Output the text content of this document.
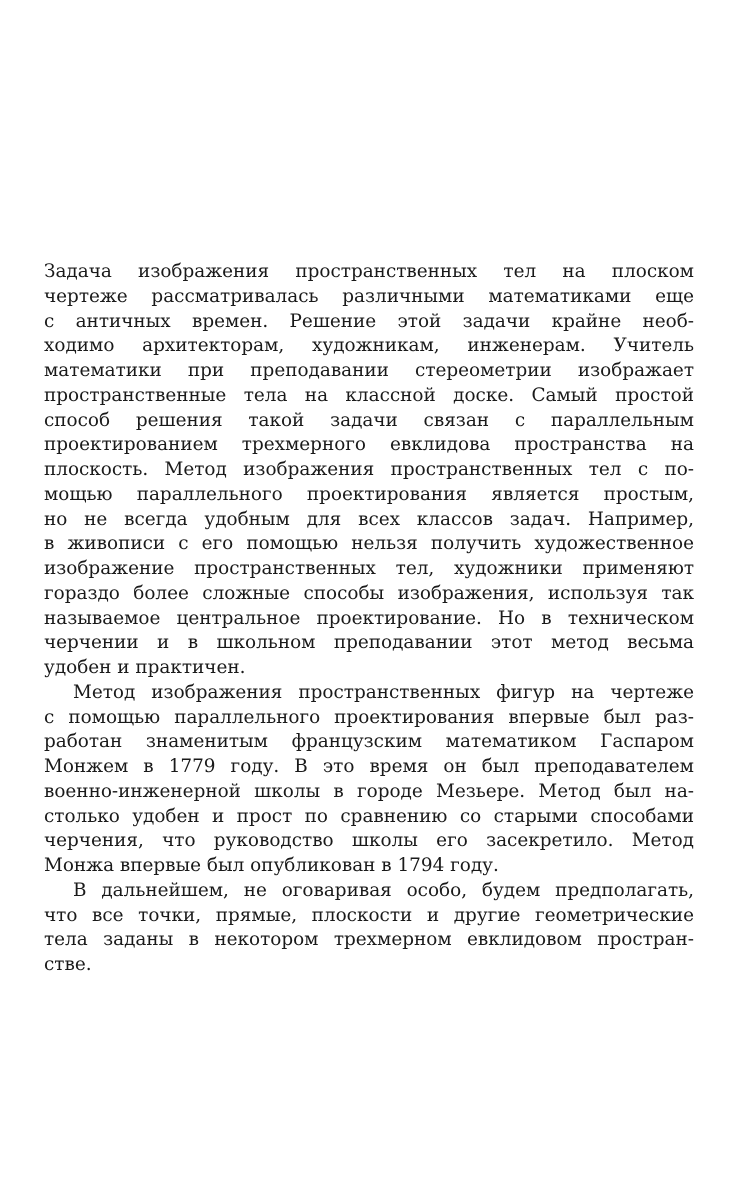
Задача изображения пространственных тел на плоском
чертеже рассматривалась различными математиками еще
с античных времен. Решение этой задачи крайне необ-
ходимо архитекторам, художникам, инженерам. Учитель
математики при преподавании стереометрии изображает
пространственные тела на классной доске. Самый простой
способ решения такой задачи связан с параллельным
проектированием трехмерного евклидова пространства на
плоскость. Метод изображения пространственных тел с по-
мощью параллельного проектирования является простым,
но не всегда удобным для всех классов задач. Например,
в живописи с его помощью нельзя получить художественное
изображение пространственных тел, художники применяют
гораздо более сложные способы изображения, используя так
называемое центральное проектирование. Но в техническом
черчении и в школьном преподавании этот метод весьма
удобен и практичен.
Метод изображения пространственных фигур на чертеже
с помощью параллельного проектирования впервые был раз-
работан знаменитым французским математиком Гаспаром
Монжем в 1779 году. В это время он был преподавателем
военно-инженерной школы в городе Мезьере. Метод был на-
столько удобен и прост по сравнению со старыми способами
черчения, что руководство школы его засекретило. Метод
Монжа впервые был опубликован в 1794 году.
В дальнейшем, не оговаривая особо, будем предполагать,
что все точки, прямые, плоскости и другие геометрические
тела заданы в некотором трехмерном евклидовом простран-
стве.
